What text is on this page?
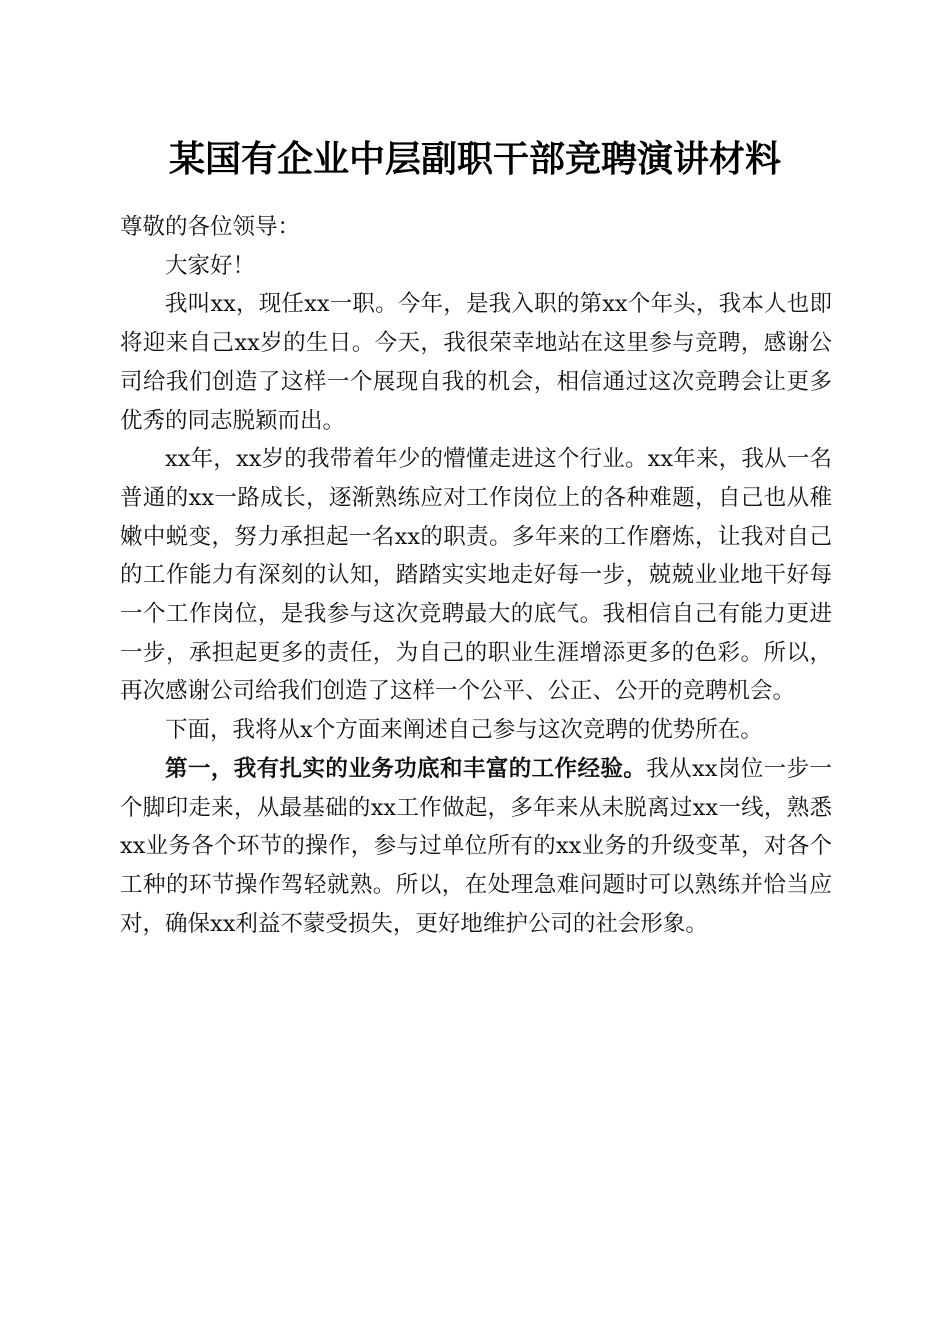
某国有企业中层副职干部竞聘演讲材料

尊敬的各位领导：

大家好！

我叫xx，现任xx一职。今年，是我入职的第xx个年头，我本人也即将迎来自己xx岁的生日。今天，我很荣幸地站在这里参与竞聘，感谢公司给我们创造了这样一个展现自我的机会，相信通过这次竞聘会让更多优秀的同志脱颖而出。

xx年，xx岁的我带着年少的懵懂走进这个行业。xx年来，我从一名普通的xx一路成长，逐渐熟练应对工作岗位上的各种难题，自己也从稚嫩中蜕变，努力承担起一名xx的职责。多年来的工作磨炼，让我对自己的工作能力有深刻的认知，踏踏实实地走好每一步，兢兢业业地干好每一个工作岗位，是我参与这次竞聘最大的底气。我相信自己有能力更进一步，承担起更多的责任，为自己的职业生涯增添更多的色彩。所以，再次感谢公司给我们创造了这样一个公平、公正、公开的竞聘机会。

下面，我将从x个方面来阐述自己参与这次竞聘的优势所在。

第一，我有扎实的业务功底和丰富的工作经验。我从xx岗位一步一个脚印走来，从最基础的xx工作做起，多年来从未脱离过xx一线，熟悉xx业务各个环节的操作，参与过单位所有的xx业务的升级变革，对各个工种的环节操作驾轻就熟。所以，在处理急难问题时可以熟练并恰当应对，确保xx利益不蒙受损失，更好地维护公司的社会形象。
